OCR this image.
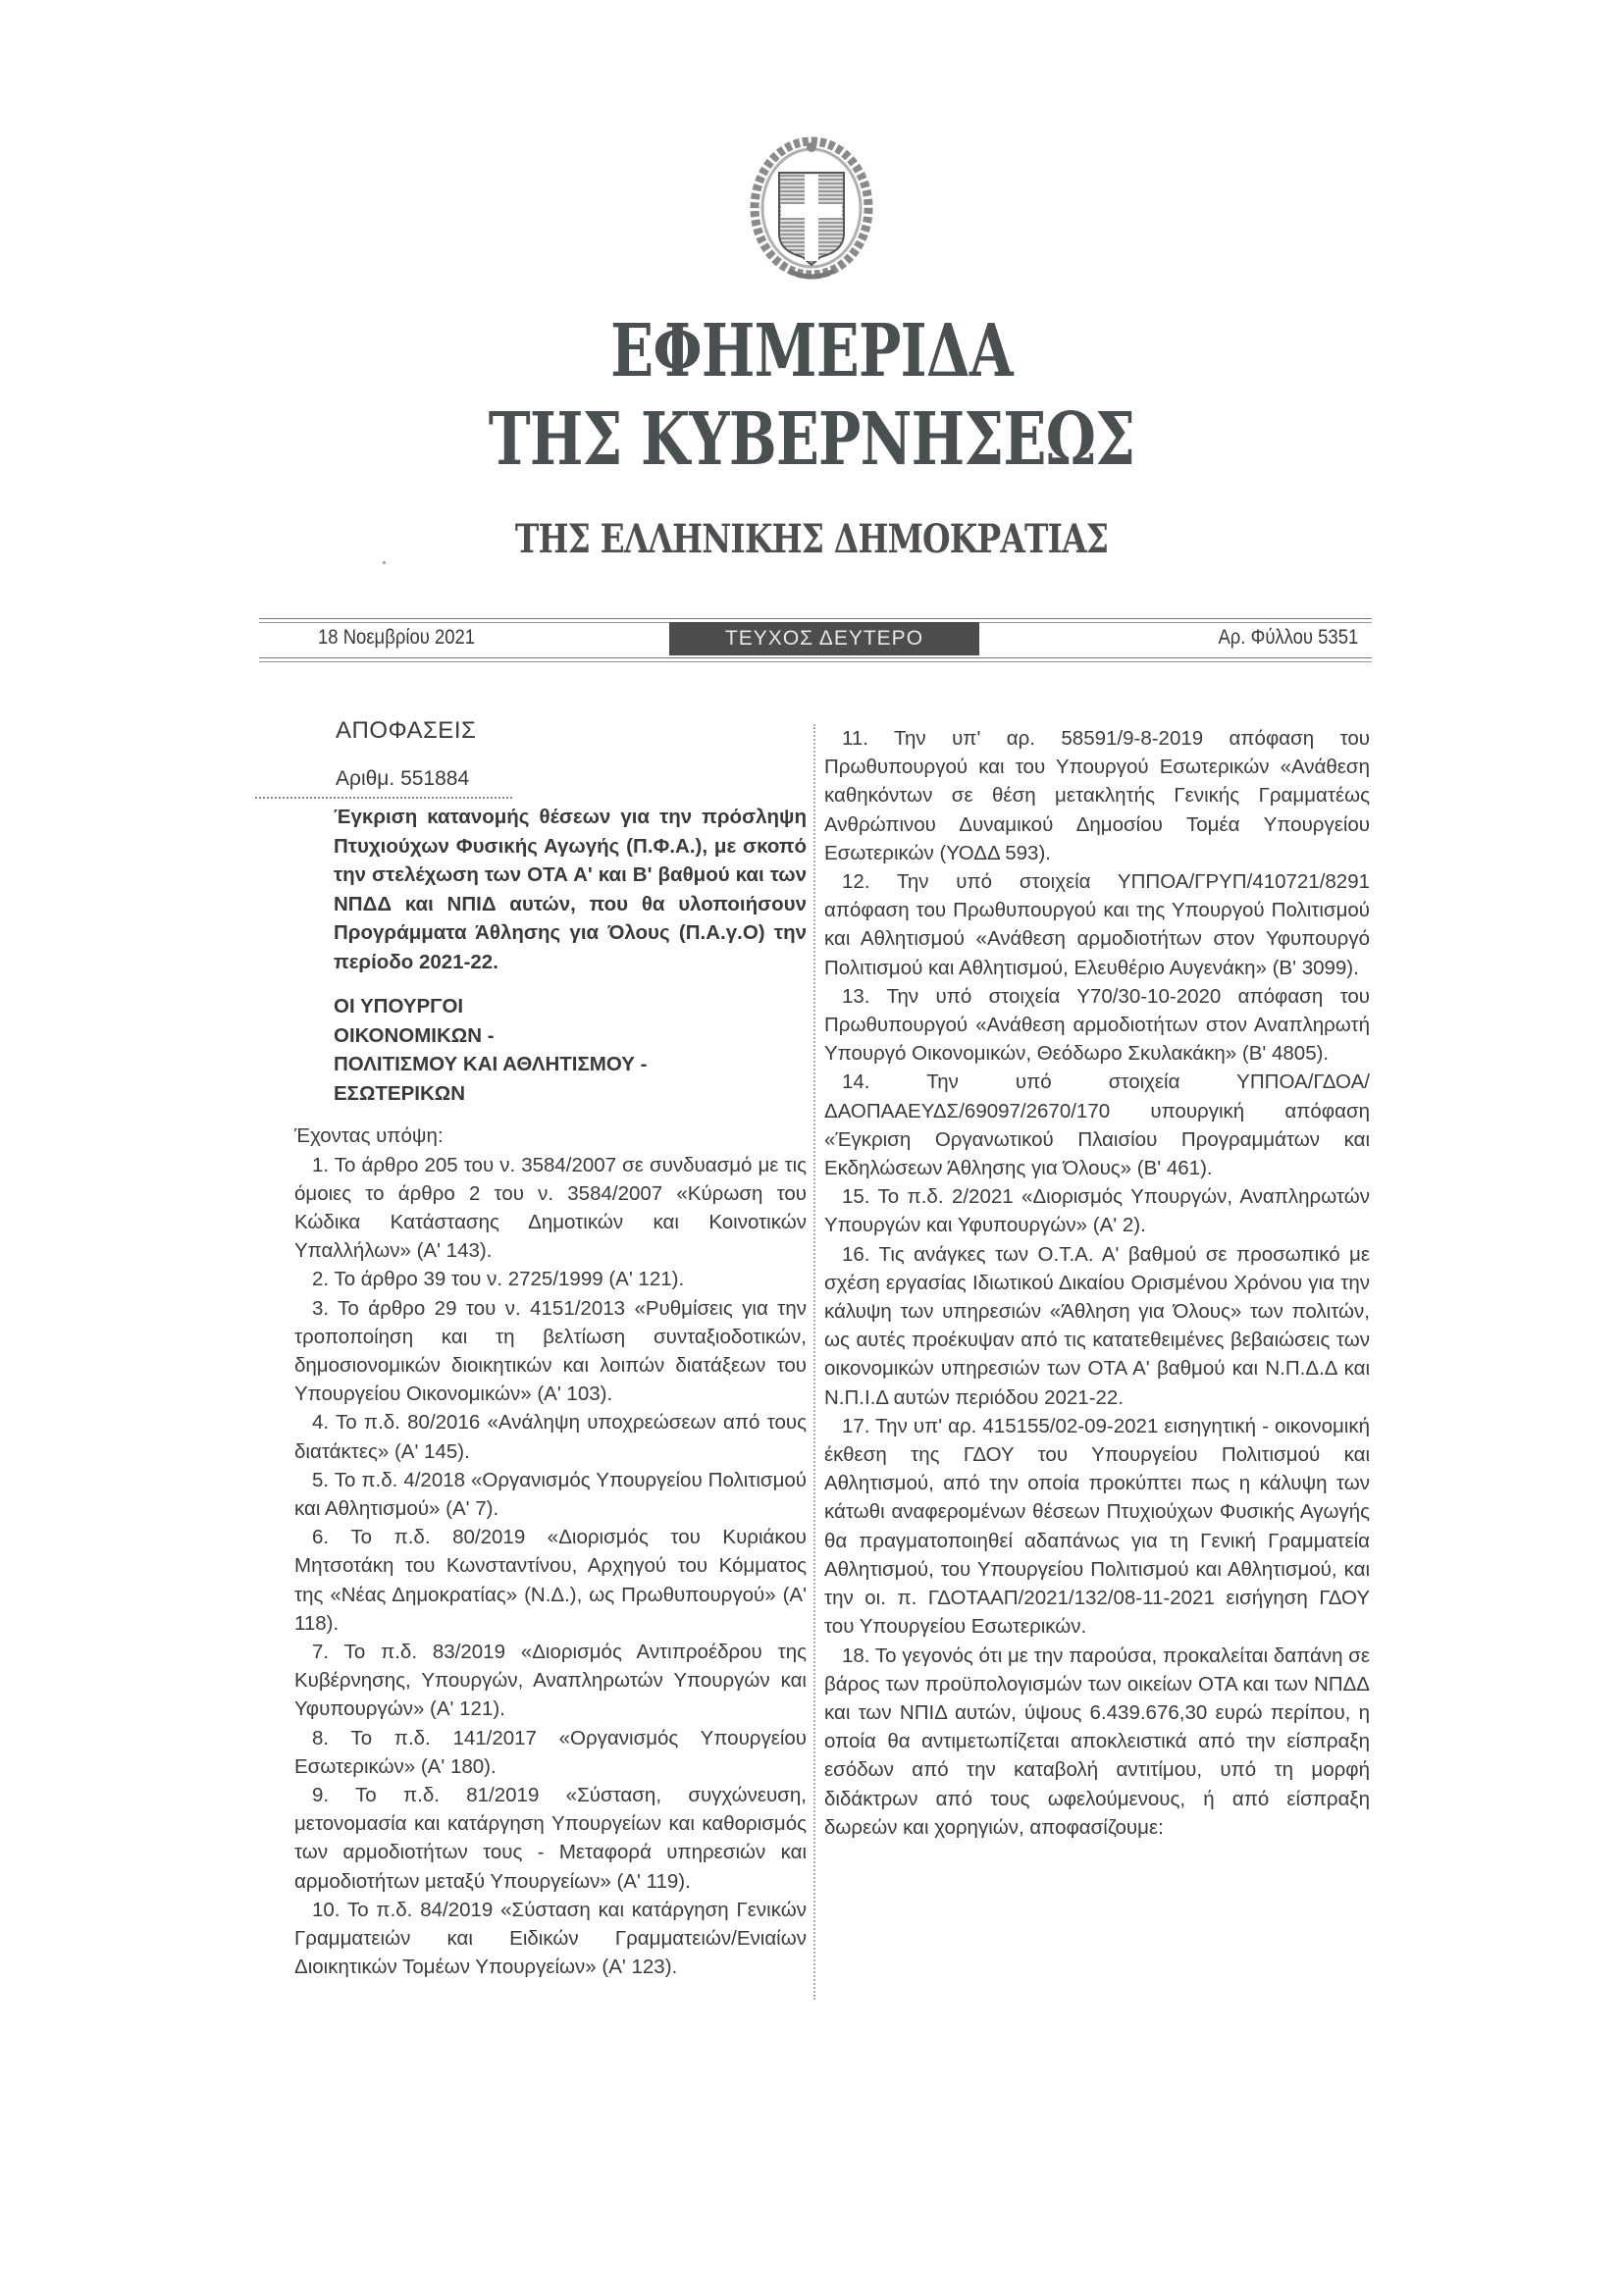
ΕΦΗΜΕΡΙΔΑ
ΤΗΣ ΚΥΒΕΡΝΗΣΕΩΣ
ΤΗΣ ΕΛΛΗΝΙΚΗΣ ΔΗΜΟΚΡΑΤΙΑΣ
18 Νοεμβρίου 2021	ΤΕΥΧΟΣ ΔΕΥΤΕΡΟ	Αρ. Φύλλου 5351
ΑΠΟΦΑΣΕΙΣ
Αριθμ. 551884
Έγκριση κατανομής θέσεων για την πρόσληψη Πτυχιούχων Φυσικής Αγωγής (Π.Φ.Α.), με σκοπό την στελέχωση των ΟΤΑ Α' και Β' βαθμού και των ΝΠΔΔ και ΝΠΙΔ αυτών, που θα υλοποιήσουν Προγράμματα Άθλησης για Όλους (Π.Α.γ.Ο) την περίοδο 2021-22.
ΟΙ ΥΠΟΥΡΓΟΙ
ΟΙΚΟΝΟΜΙΚΩΝ -
ΠΟΛΙΤΙΣΜΟΥ ΚΑΙ ΑΘΛΗΤΙΣΜΟΥ -
ΕΣΩΤΕΡΙΚΩΝ

Έχοντας υπόψη:

1. Το άρθρο 205 του ν. 3584/2007 σε συνδυασμό με τις όμοιες το άρθρο 2 του ν. 3584/2007 «Κύρωση του Κώδικα Κατάστασης Δημοτικών και Κοινοτικών Υπαλλήλων» (Α' 143).

2. Το άρθρο 39 του ν. 2725/1999 (Α' 121).

3. Το άρθρο 29 του ν. 4151/2013 «Ρυθμίσεις για την τροποποίηση και τη βελτίωση συνταξιοδοτικών, δημοσιονομικών διοικητικών και λοιπών διατάξεων του Υπουργείου Οικονομικών» (Α' 103).

4. Το π.δ. 80/2016 «Ανάληψη υποχρεώσεων από τους διατάκτες» (Α' 145).

5. Το π.δ. 4/2018 «Οργανισμός Υπουργείου Πολιτισμού και Αθλητισμού» (Α' 7).

6. Το π.δ. 80/2019 «Διορισμός του Κυριάκου Μητσοτάκη του Κωνσταντίνου, Αρχηγού του Κόμματος της «Νέας Δημοκρατίας» (Ν.Δ.), ως Πρωθυπουργού» (Α' 118).

7. Το π.δ. 83/2019 «Διορισμός Αντιπροέδρου της Κυβέρνησης, Υπουργών, Αναπληρωτών Υπουργών και Υφυπουργών» (Α' 121).

8. Το π.δ. 141/2017 «Οργανισμός Υπουργείου Εσωτερικών» (Α' 180).

9. Το π.δ. 81/2019 «Σύσταση, συγχώνευση, μετονομασία και κατάργηση Υπουργείων και καθορισμός των αρμοδιοτήτων τους - Μεταφορά υπηρεσιών και αρμοδιοτήτων μεταξύ Υπουργείων» (Α' 119).

10. Το π.δ. 84/2019 «Σύσταση και κατάργηση Γενικών Γραμματειών και Ειδικών Γραμματειών/Ενιαίων Διοικητικών Τομέων Υπουργείων» (Α' 123).

11. Την υπ' αρ. 58591/9-8-2019 απόφαση του Πρωθυπουργού και του Υπουργού Εσωτερικών «Ανάθεση καθηκόντων σε θέση μετακλητής Γενικής Γραμματέως Ανθρώπινου Δυναμικού Δημοσίου Τομέα Υπουργείου Εσωτερικών (ΥΟΔΔ 593).

12. Την υπό στοιχεία ΥΠΠΟΑ/ΓΡΥΠ/410721/8291 απόφαση του Πρωθυπουργού και της Υπουργού Πολιτισμού και Αθλητισμού «Ανάθεση αρμοδιοτήτων στον Υφυπουργό Πολιτισμού και Αθλητισμού, Ελευθέριο Αυγενάκη» (Β' 3099).

13. Την υπό στοιχεία Υ70/30-10-2020 απόφαση του Πρωθυπουργού «Ανάθεση αρμοδιοτήτων στον Αναπληρωτή Υπουργό Οικονομικών, Θεόδωρο Σκυλακάκη» (Β' 4805).

14. Την υπό στοιχεία ΥΠΠΟΑ/ΓΔΟΑ/ΔΑΟΠΑΑΕΥΔΣ/69097/2670/170 υπουργική απόφαση «Έγκριση Οργανωτικού Πλαισίου Προγραμμάτων και Εκδηλώσεων Άθλησης για Όλους» (Β' 461).

15. Το π.δ. 2/2021 «Διορισμός Υπουργών, Αναπληρωτών Υπουργών και Υφυπουργών» (Α' 2).

16. Τις ανάγκες των Ο.Τ.Α. Α' βαθμού σε προσωπικό με σχέση εργασίας Ιδιωτικού Δικαίου Ορισμένου Χρόνου για την κάλυψη των υπηρεσιών «Άθληση για Όλους» των πολιτών, ως αυτές προέκυψαν από τις κατατεθειμένες βεβαιώσεις των οικονομικών υπηρεσιών των ΟΤΑ Α' βαθμού και Ν.Π.Δ.Δ και Ν.Π.Ι.Δ αυτών περιόδου 2021-22.

17. Την υπ' αρ. 415155/02-09-2021 εισηγητική - οικονομική έκθεση της ΓΔΟΥ του Υπουργείου Πολιτισμού και Αθλητισμού, από την οποία προκύπτει πως η κάλυψη των κάτωθι αναφερομένων θέσεων Πτυχιούχων Φυσικής Αγωγής θα πραγματοποιηθεί αδαπάνως για τη Γενική Γραμματεία Αθλητισμού, του Υπουργείου Πολιτισμού και Αθλητισμού, και την οι. π. ΓΔΟΤΑΑΠ/2021/132/08-11-2021 εισήγηση ΓΔΟΥ του Υπουργείου Εσωτερικών.

18. Το γεγονός ότι με την παρούσα, προκαλείται δαπάνη σε βάρος των προϋπολογισμών των οικείων ΟΤΑ και των ΝΠΔΔ και των ΝΠΙΔ αυτών, ύψους 6.439.676,30 ευρώ περίπου, η οποία θα αντιμετωπίζεται αποκλειστικά από την είσπραξη εσόδων από την καταβολή αντιτίμου, υπό τη μορφή διδάκτρων από τους ωφελούμενους, ή από είσπραξη δωρεών και χορηγιών, αποφασίζουμε:
